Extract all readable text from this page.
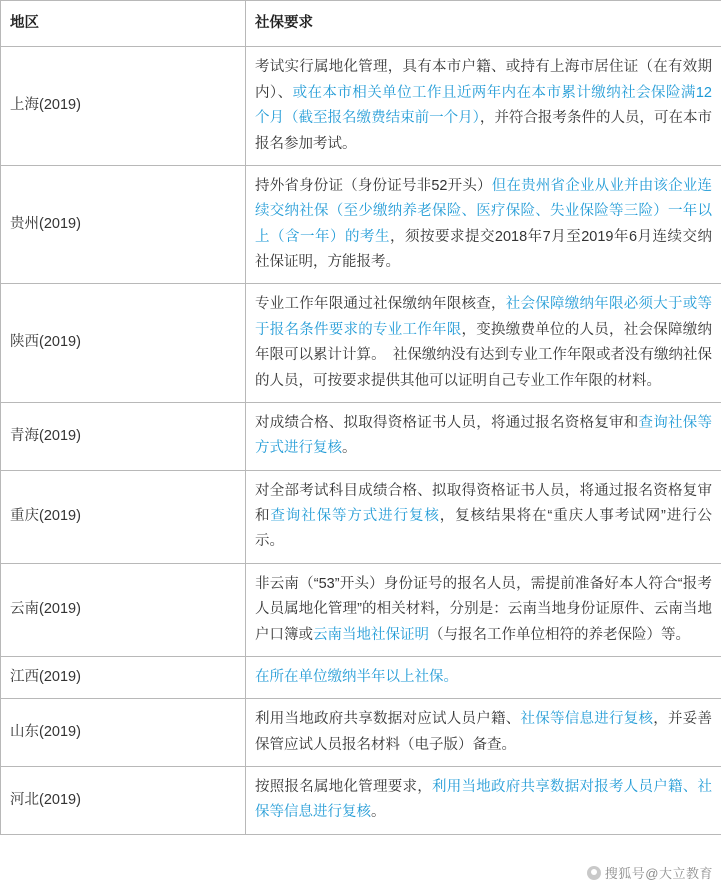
地区	社保要求
上海(2019)	考试实行属地化管理，具有本市户籍、或持有上海市居住证（在有效期内）、或在本市相关单位工作且近两年内在本市累计缴纳社会保险满12个月（截至报名缴费结束前一个月），并符合报考条件的人员，可在本市报名参加考试。
贵州(2019)	持外省身份证（身份证号非52开头）但在贵州省企业从业并由该企业连续交纳社保（至少缴纳养老保险、医疗保险、失业保险等三险）一年以上（含一年）的考生，须按要求提交2018年7月至2019年6月连续交纳社保证明，方能报考。
陕西(2019)	专业工作年限通过社保缴纳年限核查，社会保障缴纳年限必须大于或等于报名条件要求的专业工作年限，变换缴费单位的人员，社会保障缴纳年限可以累计计算。　社保缴纳没有达到专业工作年限或者没有缴纳社保的人员，可按要求提供其他可以证明自己专业工作年限的材料。
青海(2019)	对成绩合格、拟取得资格证书人员，将通过报名资格复审和查询社保等方式进行复核。
重庆(2019)	对全部考试科目成绩合格、拟取得资格证书人员，将通过报名资格复审和查询社保等方式进行复核，复核结果将在“重庆人事考试网”进行公示。
云南(2019)	非云南（“53”开头）身份证号的报名人员，需提前准备好本人符合“报考人员属地化管理”的相关材料，分别是：云南当地身份证原件、云南当地户口簿或云南当地社保证明（与报名工作单位相符的养老保险）等。
江西(2019)	在所在单位缴纳半年以上社保。
山东(2019)	利用当地政府共享数据对应试人员户籍、社保等信息进行复核，并妥善保管应试人员报名材料（电子版）备查。
河北(2019)	按照报名属地化管理要求，利用当地政府共享数据对报考人员户籍、社保等信息进行复核。
搜狐号@大立教育
